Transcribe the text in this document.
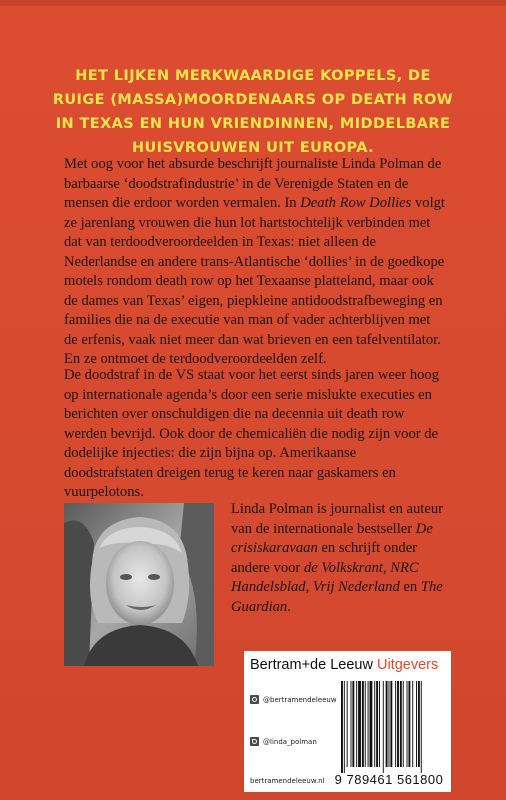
HET LIJKEN MERKWAARDIGE KOPPELS, DE RUIGE (MASSA)MOORDENAARS OP DEATH ROW IN TEXAS EN HUN VRIENDINNEN, MIDDELBARE HUISVROUWEN UIT EUROPA.

Met oog voor het absurde beschrijft journaliste Linda Polman de barbaarse ‘doodstrafindustrie’ in de Verenigde Staten en de mensen die erdoor worden vermalen. In Death Row Dollies volgt ze jarenlang vrouwen die hun lot hartstochtelijk verbinden met dat van terdoodveroordeelden in Texas: niet alleen de Nederlandse en andere trans-Atlantische ‘dollies’ in de goedkope motels rondom death row op het Texaanse platteland, maar ook de dames van Texas’ eigen, piepkleine antidoodstrafbeweging en families die na de executie van man of vader achterblijven met de erfenis, vaak niet meer dan wat brieven en een tafelventilator. En ze ontmoet de terdoodveroordeelden zelf.

De doodstraf in de VS staat voor het eerst sinds jaren weer hoog op internationale agenda’s door een serie mislukte executies en berichten over onschuldigen die na decennia uit death row werden bevrijd. Ook door de chemicaliën die nodig zijn voor de dodelijke injecties: die zijn bijna op. Amerikaanse doodstrafstaten dreigen terug te keren naar gaskamers en vuurpelotons.

Linda Polman is journalist en auteur van de internationale bestseller De crisiskaravaan en schrijft onder andere voor de Volkskrant, NRC Handelsblad, Vrij Nederland en The Guardian.

Bertram+de Leeuw Uitgevers
@bertramendeleeuw
@linda_polman
bertramendeleeuw.nl 9 789461 561800
